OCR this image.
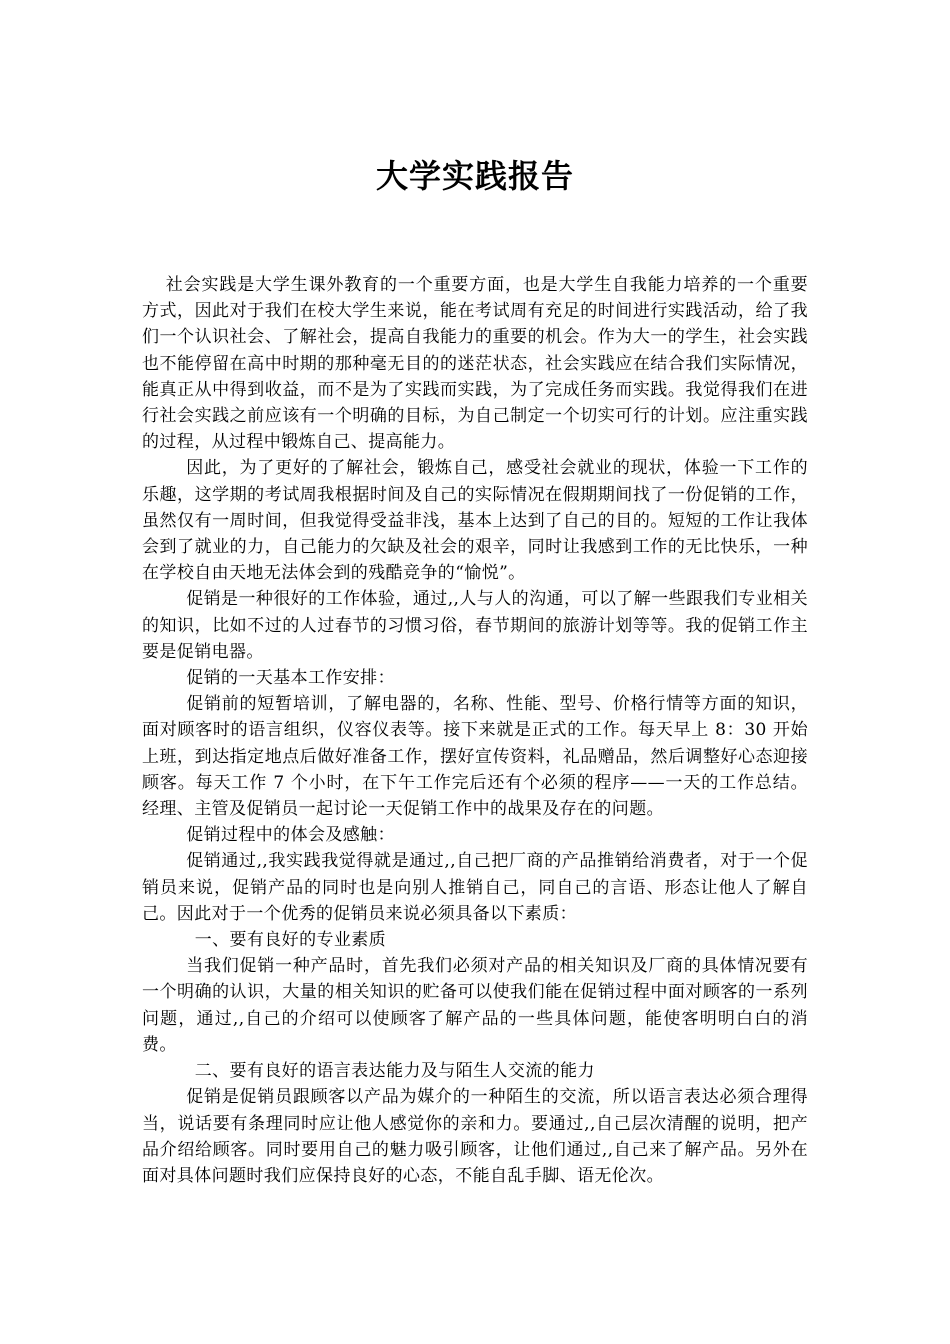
大学实践报告

社会实践是大学生课外教育的一个重要方面，也是大学生自我能力培养的一个重要方式，因此对于我们在校大学生来说，能在考试周有充足的时间进行实践活动，给了我们一个认识社会、了解社会，提高自我能力的重要的机会。作为大一的学生，社会实践也不能停留在高中时期的那种毫无目的的迷茫状态，社会实践应在结合我们实际情况，能真正从中得到收益，而不是为了实践而实践，为了完成任务而实践。我觉得我们在进行社会实践之前应该有一个明确的目标，为自己制定一个切实可行的计划。应注重实践的过程，从过程中锻炼自己、提高能力。

因此，为了更好的了解社会，锻炼自己，感受社会就业的现状，体验一下工作的乐趣，这学期的考试周我根据时间及自己的实际情况在假期期间找了一份促销的工作，虽然仅有一周时间，但我觉得受益非浅，基本上达到了自己的目的。短短的工作让我体会到了就业的力，自己能力的欠缺及社会的艰辛，同时让我感到工作的无比快乐，一种在学校自由天地无法体会到的残酷竞争的“愉悦”。

促销是一种很好的工作体验，通过,,人与人的沟通，可以了解一些跟我们专业相关的知识，比如不过的人过春节的习惯习俗，春节期间的旅游计划等等。我的促销工作主要是促销电器。

促销的一天基本工作安排：

促销前的短暂培训，了解电器的，名称、性能、型号、价格行情等方面的知识，面对顾客时的语言组织，仪容仪表等。接下来就是正式的工作。每天早上 8：30 开始上班，到达指定地点后做好准备工作，摆好宣传资料，礼品赠品，然后调整好心态迎接顾客。每天工作 7 个小时，在下午工作完后还有个必须的程序——一天的工作总结。经理、主管及促销员一起讨论一天促销工作中的战果及存在的问题。

促销过程中的体会及感触：

促销通过,,我实践我觉得就是通过,,自己把厂商的产品推销给消费者，对于一个促销员来说，促销产品的同时也是向别人推销自己，同自己的言语、形态让他人了解自己。因此对于一个优秀的促销员来说必须具备以下素质：

一、要有良好的专业素质

当我们促销一种产品时，首先我们必须对产品的相关知识及厂商的具体情况要有一个明确的认识，大量的相关知识的贮备可以使我们能在促销过程中面对顾客的一系列问题，通过,,自己的介绍可以使顾客了解产品的一些具体问题，能使客明明白白的消费。

二、要有良好的语言表达能力及与陌生人交流的能力

促销是促销员跟顾客以产品为媒介的一种陌生的交流，所以语言表达必须合理得当，说话要有条理同时应让他人感觉你的亲和力。要通过,,自己层次清醒的说明，把产品介绍给顾客。同时要用自己的魅力吸引顾客，让他们通过,,自己来了解产品。另外在面对具体问题时我们应保持良好的心态，不能自乱手脚、语无伦次。
